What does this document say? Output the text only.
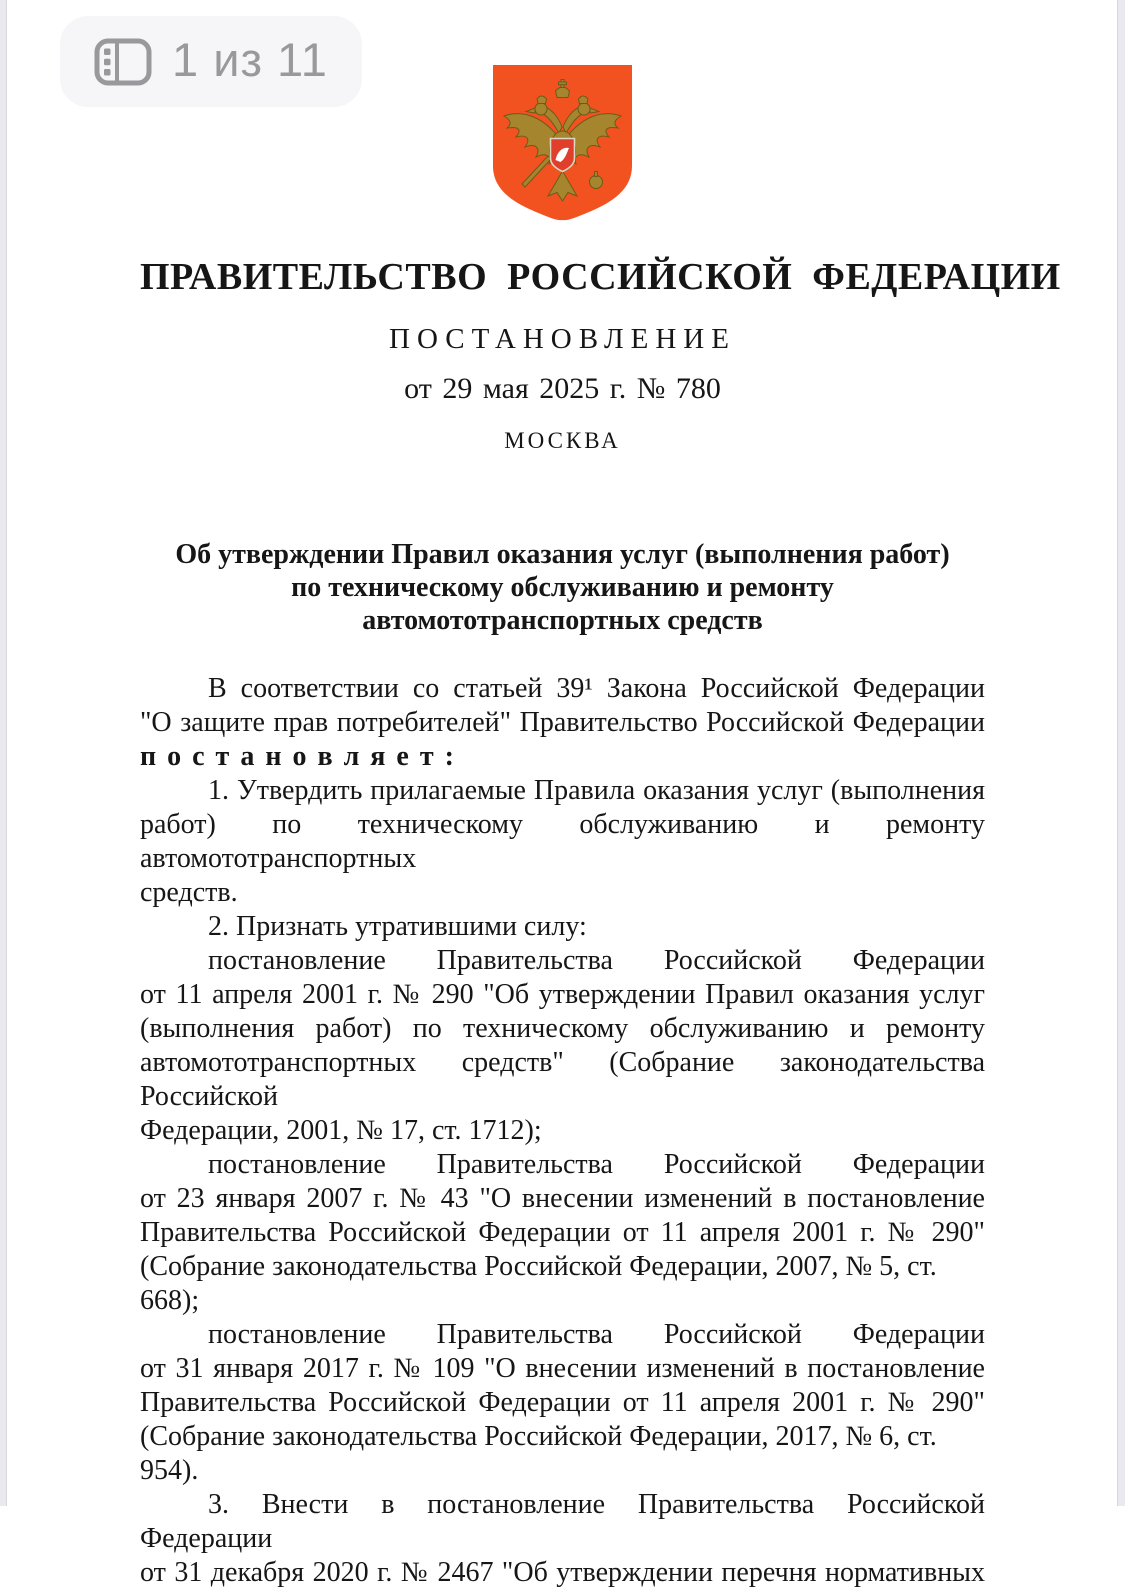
1 из 11
ПРАВИТЕЛЬСТВО РОССИЙСКОЙ ФЕДЕРАЦИИ
ПОСТАНОВЛЕНИЕ
от 29 мая 2025 г. № 780
МОСКВА
Об утверждении Правил оказания услуг (выполнения работ)
по техническому обслуживанию и ремонту
автомототранспортных средств
В соответствии со статьей 39¹ Закона Российской Федерации
"О защите прав потребителей" Правительство Российской Федерации
п о с т а н о в л я е т :
1. Утвердить прилагаемые Правила оказания услуг (выполнения
работ) по техническому обслуживанию и ремонту автомототранспортных
средств.
2. Признать утратившими силу:
постановление Правительства Российской Федерации
от 11 апреля 2001 г. № 290 "Об утверждении Правил оказания услуг
(выполнения работ) по техническому обслуживанию и ремонту
автомототранспортных средств" (Собрание законодательства Российской
Федерации, 2001, № 17, ст. 1712);
постановление Правительства Российской Федерации
от 23 января 2007 г. № 43 "О внесении изменений в постановление
Правительства Российской Федерации от 11 апреля 2001 г. № 290"
(Собрание законодательства Российской Федерации, 2007, № 5, ст. 668);
постановление Правительства Российской Федерации
от 31 января 2017 г. № 109 "О внесении изменений в постановление
Правительства Российской Федерации от 11 апреля 2001 г. № 290"
(Собрание законодательства Российской Федерации, 2017, № 6, ст. 954).
3. Внести в постановление Правительства Российской Федерации
от 31 декабря 2020 г. № 2467 "Об утверждении перечня нормативных
